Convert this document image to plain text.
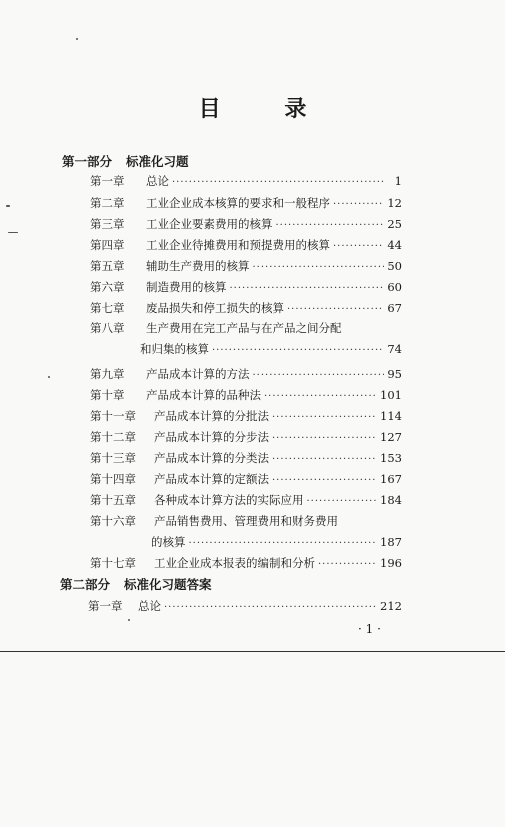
目 录
第一部分 标准化习题
第一章	总论 ·····	1
第二章	工业企业成本核算的要求和一般程序 ·····	12
第三章	工业企业要素费用的核算 ·····	25
第四章	工业企业待摊费用和预提费用的核算 ·····	44
第五章	辅助生产费用的核算 ·····	50
第六章	制造费用的核算 ·····	60
第七章	废品损失和停工损失的核算 ·····	67
第八章	生产费用在完工产品与在产品之间分配
和归集的核算 ·····	74
第九章	产品成本计算的方法 ·····	95
第十章	产品成本计算的品种法 ·····	101
第十一章	产品成本计算的分批法 ·····	114
第十二章	产品成本计算的分步法 ·····	127
第十三章	产品成本计算的分类法 ·····	153
第十四章	产品成本计算的定额法 ·····	167
第十五章	各种成本计算方法的实际应用 ·····	184
第十六章	产品销售费用、管理费用和财务费用
的核算 ·····	187
第十七章	工业企业成本报表的编制和分析 ·····	196
第二部分 标准化习题答案
第一章	总论 ·····	212
· 1 ·
